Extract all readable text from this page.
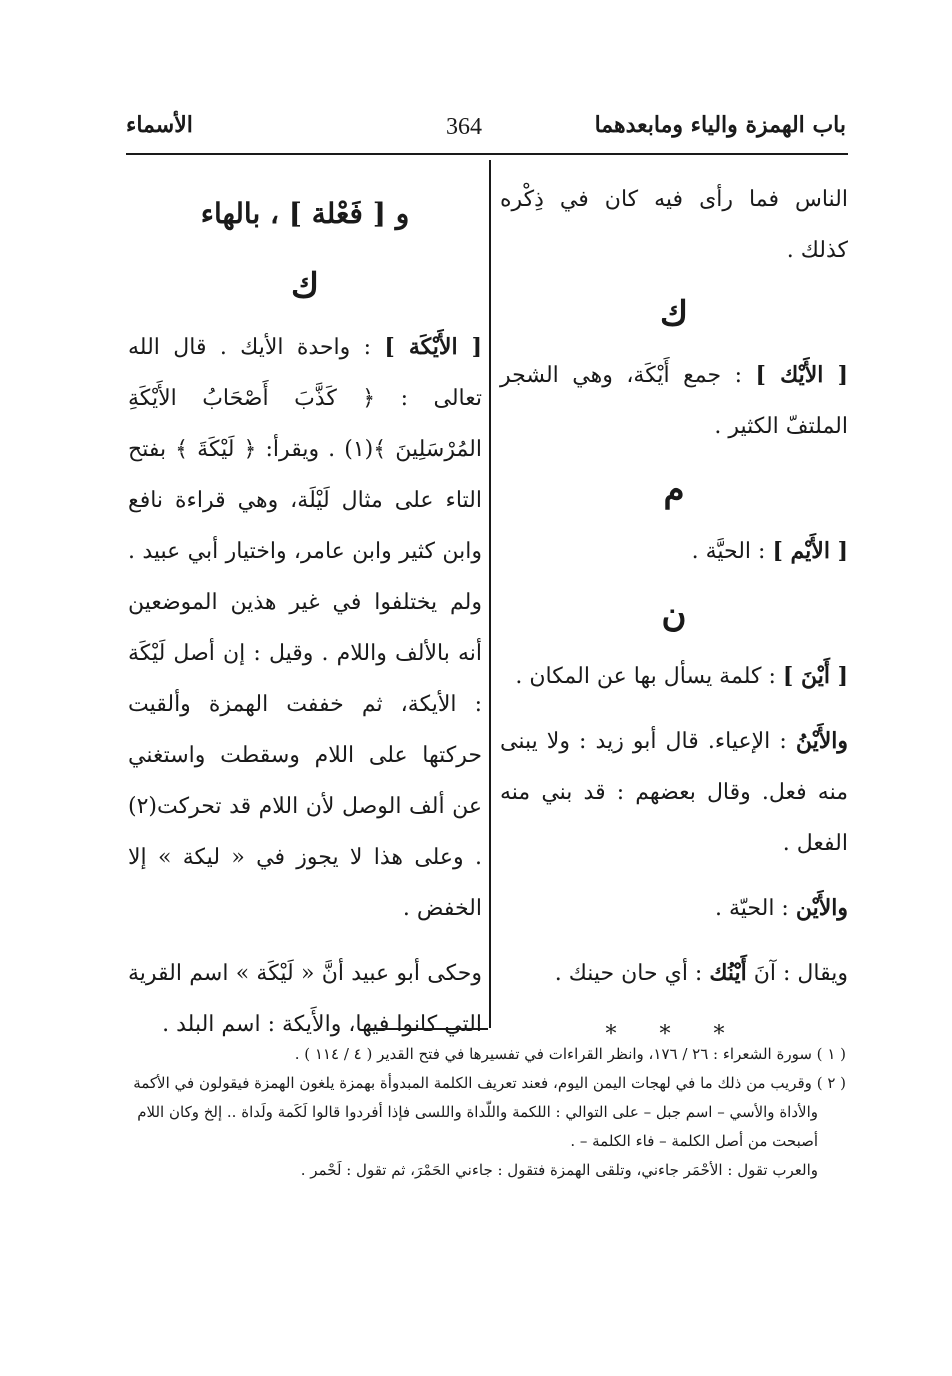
باب الهمزة والياء ومابعدهما
364
الأسماء

الناس فما رأى فيه كان في ذِكْره كذلك .

ك

[ الأَيْك ] : جمع أَيْكَة، وهي الشجر الملتفّ الكثير .

م

[ الأَيْم ] : الحيَّة .

ن

[ أَيْنَ ] : كلمة يسأل بها عن المكان .

والأَيْنُ : الإعياء. قال أبو زيد : ولا يبنى منه فعل. وقال بعضهم : قد بني منه الفعل .

والأَيْن : الحيّة .

ويقال : آنَ أَيْنُك : أي حان حينك .

* * *
و [ فَعْلة ] ، بالهاء
ك

[ الأَيْكَة ] : واحدة الأيك . قال الله تعالى : ﴿ كَذَّبَ أَصْحَابُ الأَيْكَةِ المُرْسَلِينَ ﴾(١) . ويقرأ: ﴿ لَيْكَةَ ﴾ بفتح التاء على مثال لَيْلَة، وهي قراءة نافع وابن كثير وابن عامر، واختيار أبي عبيد . ولم يختلفوا في غير هذين الموضعين أنه بالألف واللام . وقيل : إن أصل لَيْكَة : الأيكة، ثم خففت الهمزة وألقيت حركتها على اللام وسقطت واستغني عن ألف الوصل لأن اللام قد تحركت(٢) . وعلى هذا لا يجوز في « ليكة » إلا الخفض .

وحكى أبو عبيد أنَّ « لَيْكَة » اسم القرية التي كانوا فيها، والأَيكة : اسم البلد .

( ١ ) سورة الشعراء : ٢٦ / ١٧٦، وانظر القراءات في تفسيرها في فتح القدير ( ٤ / ١١٤ ) .

( ٢ ) وقريب من ذلك ما في لهجات اليمن اليوم، فعند تعريف الكلمة المبدوأة بهمزة يلغون الهمزة فيقولون في الأكمة

والأداة والأسي – اسم جبل – على التوالي : اللكمة واللّداة واللسى فإذا أفردوا قالوا لَكَمة ولَداة .. إلخ وكان اللام

أصبحت من أصل الكلمة – فاء الكلمة – .

والعرب تقول : الأحْمَر جاءني، وتلقى الهمزة فتقول : جاءني الحَمْرَ، ثم تقول : لَحْمر .
